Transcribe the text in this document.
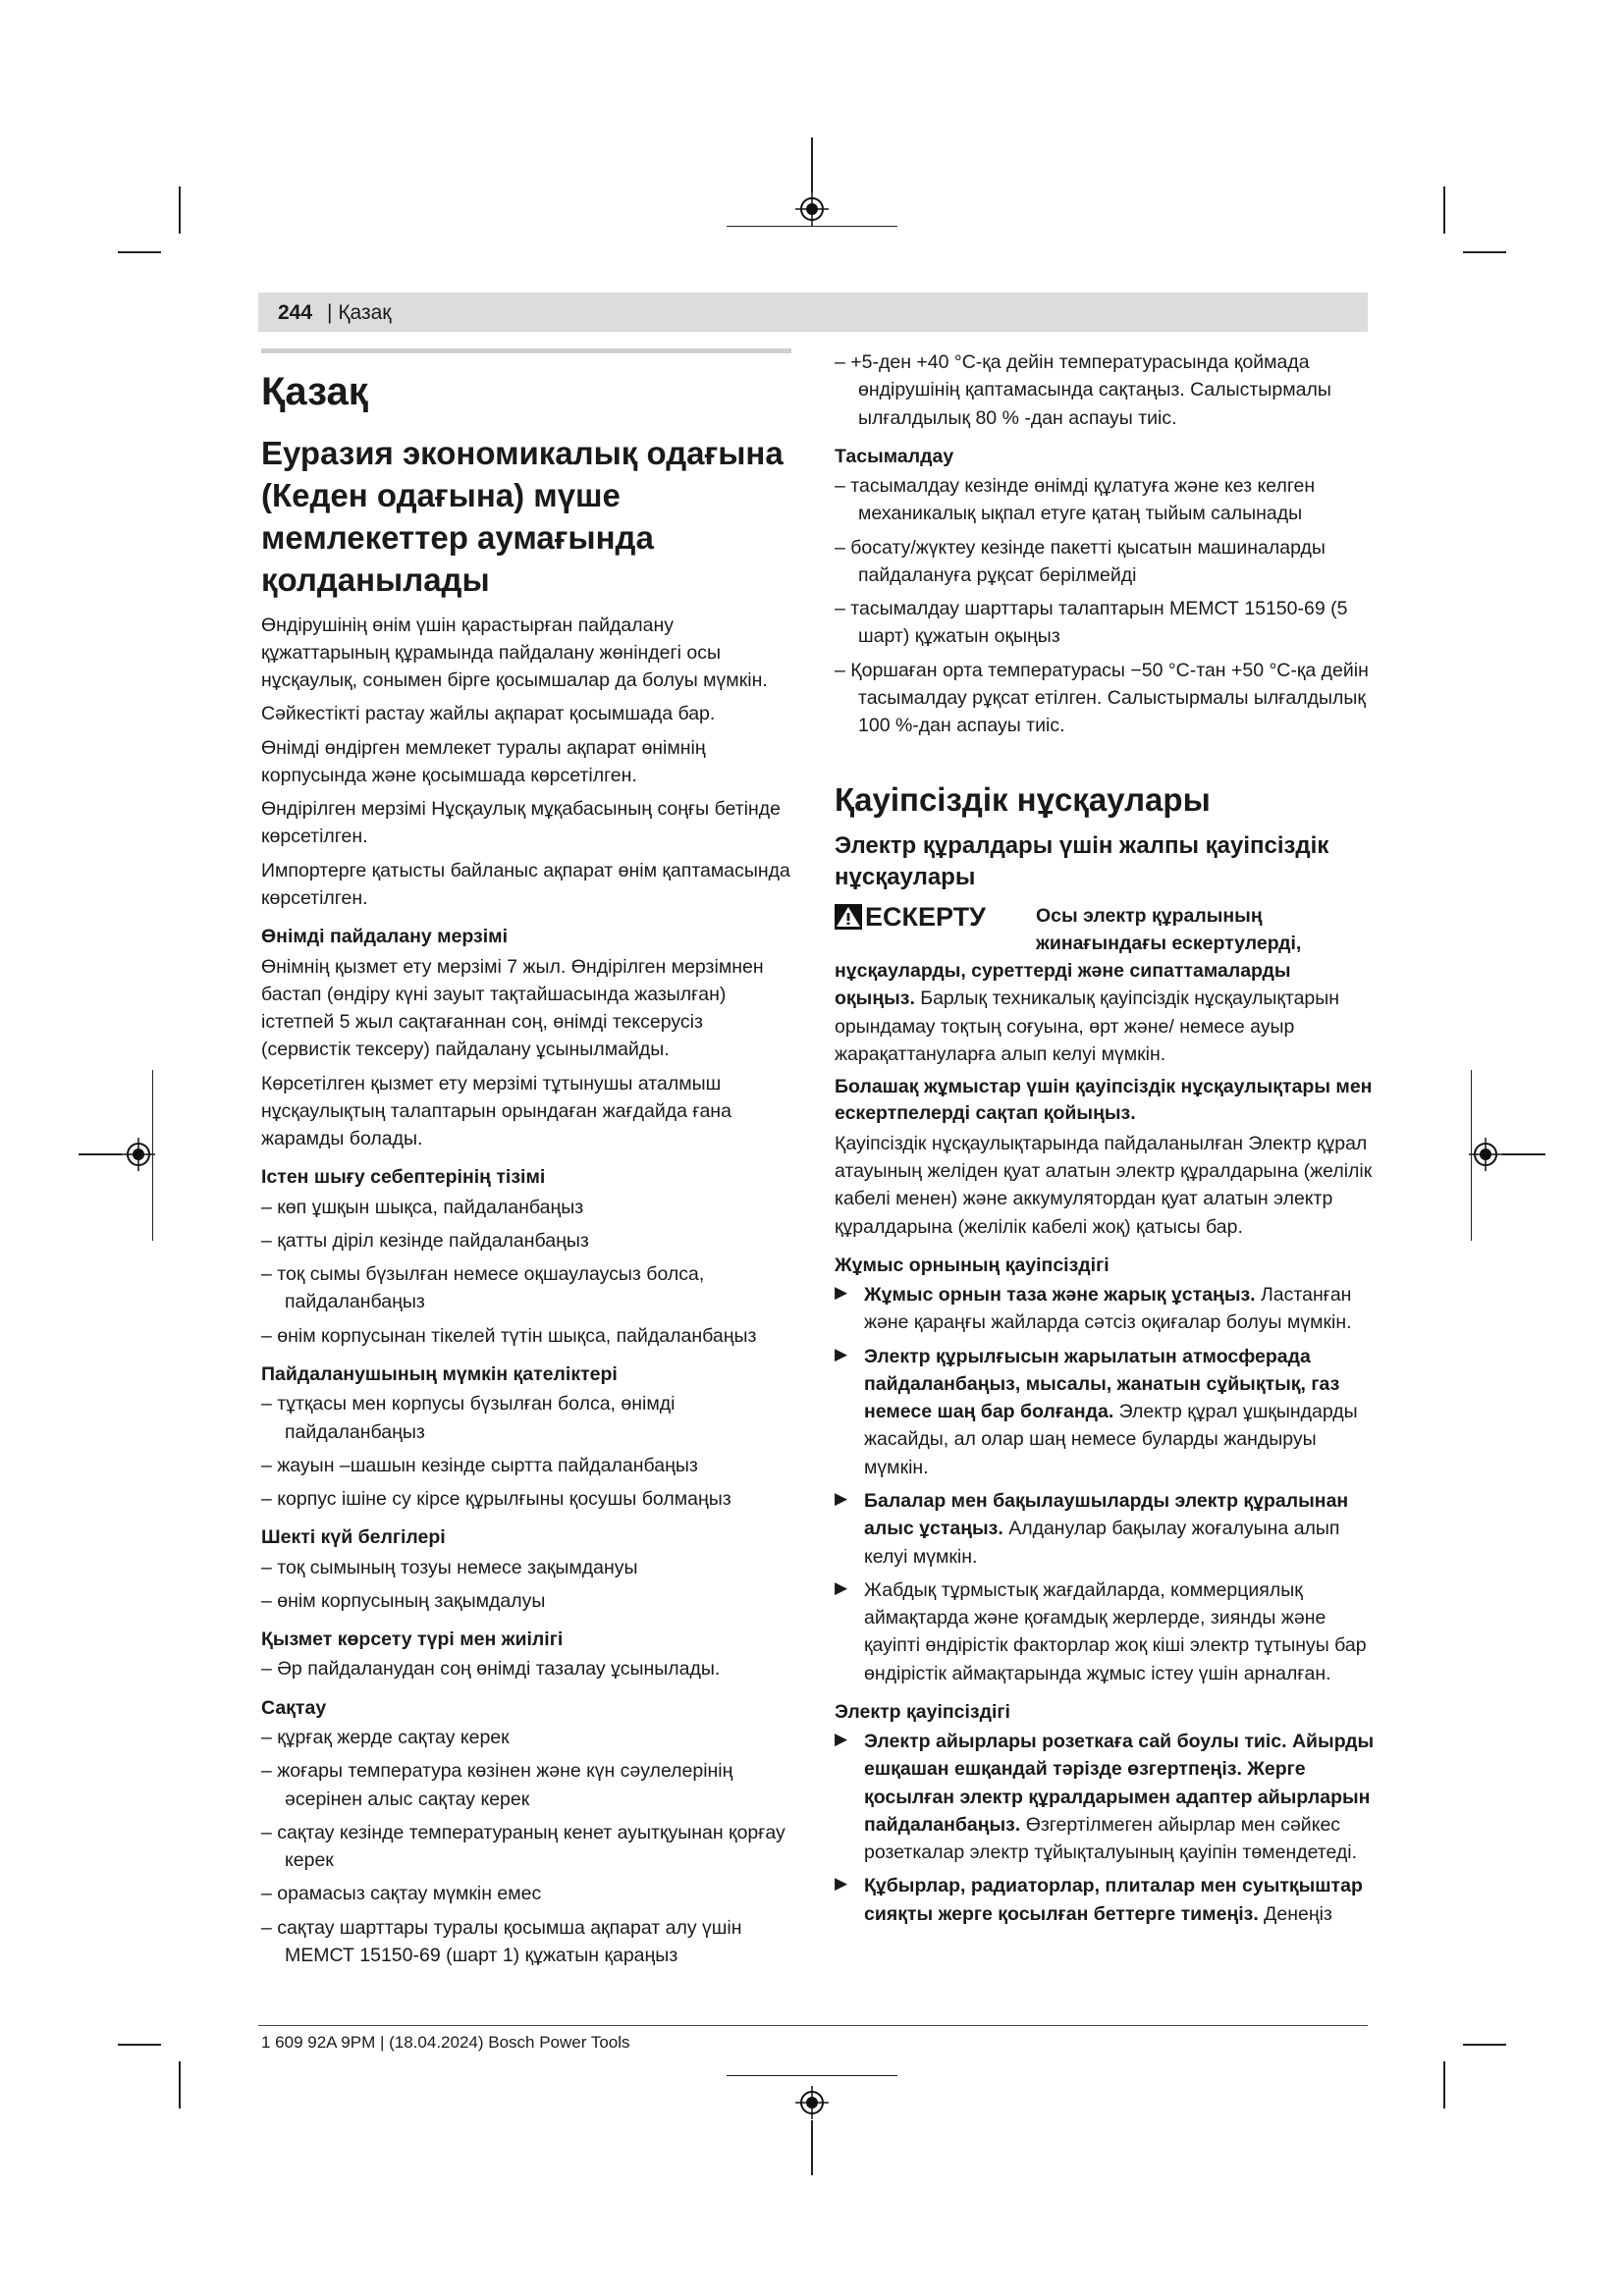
244 | Қазақ
Қазақ
Еуразия экономикалық одағына (Кеден одағына) мүше мемлекеттер аумағында қолданылады

Өндірушінің өнім үшін қарастырған пайдалану құжаттарының құрамында пайдалану жөніндегі осы нұсқаулық, сонымен бірге қосымшалар да болуы мүмкін.

Сәйкестікті растау жайлы ақпарат қосымшада бар.

Өнімді өндірген мемлекет туралы ақпарат өнімнің корпусында және қосымшада көрсетілген.

Өндірілген мерзімі Нұсқаулық мұқабасының соңғы бетінде көрсетілген.

Импортерге қатысты байланыс ақпарат өнім қаптамасында көрсетілген.

Өнімді пайдалану мерзімі

Өнімнің қызмет ету мерзімі 7 жыл. Өндірілген мерзімнен бастап (өндіру күні зауыт тақтайшасында жазылған) істетпей 5 жыл сақтағаннан соң, өнімді тексерусіз (сервистік тексеру) пайдалану ұсынылмайды.

Көрсетілген қызмет ету мерзімі тұтынушы аталмыш нұсқаулықтың талаптарын орындаған жағдайда ғана жарамды болады.

Істен шығу себептерінің тізімі
– көп ұшқын шықса, пайдаланбаңыз
– қатты діріл кезінде пайдаланбаңыз
– тоқ сымы бүзылған немесе оқшаулаусыз болса, пайдаланбаңыз
– өнім корпусынан тікелей түтін шықса, пайдаланбаңыз
Пайдаланушының мүмкін қателіктері
– тұтқасы мен корпусы бүзылған болса, өнімді пайдаланбаңыз
– жауын –шашын кезінде сыртта пайдаланбаңыз
– корпус ішіне су кірсе құрылғыны қосушы болмаңыз
Шекті күй белгілері
– тоқ сымының тозуы немесе зақымдануы
– өнім корпусының зақымдалуы
Қызмет көрсету түрі мен жиілігі
– Әр пайдаланудан соң өнімді тазалау ұсынылады.
Сақтау
– құрғақ жерде сақтау керек
– жоғары температура көзінен және күн сәулелерінің әсерінен алыс сақтау керек
– сақтау кезінде температураның кенет ауытқуынан қорғау керек
– орамасыз сақтау мүмкін емес
– сақтау шарттары туралы қосымша ақпарат алу үшін МЕМСТ 15150-69 (шарт 1) құжатын қараңыз
– +5-ден +40 °C-қа дейін температурасында қоймада өндірушінің қаптамасында сақтаңыз. Салыстырмалы ылғалдылық 80 % -дан аспауы тиіс.
Тасымалдау
– тасымалдау кезінде өнімді құлатуға және кез келген механикалық ықпал етуге қатаң тыйым салынады
– босату/жүктеу кезінде пакетті қысатын машиналарды пайдалануға рұқсат берілмейді
– тасымалдау шарттары талаптарын МЕМСТ 15150-69 (5 шарт) құжатын оқыңыз
– Қоршаған орта температурасы −50 °C-тан +50 °C-қа дейін тасымалдау рұқсат етілген. Салыстырмалы ылғалдылық 100 %-дан аспауы тиіс.
Қауіпсіздік нұсқаулары
Электр құралдары үшін жалпы қауіпсіздік нұсқаулары
ЕСКЕРТУ	Осы электр құралының жинағындағы ескертулерді,

нұсқауларды, суреттерді және сипаттамаларды оқыңыз. Барлық техникалық қауіпсіздік нұсқаулықтарын орындамау тоқтың соғуына, өрт және/ немесе ауыр жарақаттануларға алып келуі мүмкін.

Болашақ жұмыстар үшін қауіпсіздік нұсқаулықтары мен ескертпелерді сақтап қойыңыз.

Қауіпсіздік нұсқаулықтарында пайдаланылған Электр құрал атауының желіден қуат алатын электр құралдарына (желілік кабелі менен) және аккумулятордан қуат алатын электр құралдарына (желілік кабелі жоқ) қатысы бар.

Жұмыс орнының қауіпсіздігі
▶ Жұмыс орнын таза және жарық ұстаңыз. Ластанған және қараңғы жайларда сәтсіз оқиғалар болуы мүмкін.
▶ Электр құрылғысын жарылатын атмосферада пайдаланбаңыз, мысалы, жанатын сұйықтық, газ немесе шаң бар болғанда. Электр құрал ұшқындарды жасайды, ал олар шаң немесе буларды жандыруы мүмкін.
▶ Балалар мен бақылаушыларды электр құралынан алыс ұстаңыз. Алданулар бақылау жоғалуына алып келуі мүмкін.
▶ Жабдық тұрмыстық жағдайларда, коммерциялық аймақтарда және қоғамдық жерлерде, зиянды және қауіпті өндірістік факторлар жоқ кіші электр тұтынуы бар өндірістік аймақтарында жұмыс істеу үшін арналған.
Электр қауіпсіздігі
▶ Электр айырлары розеткаға сай боулы тиіс. Айырды ешқашан ешқандай тәрізде өзгертпеңіз. Жерге қосылған электр құралдарымен адаптер айырларын пайдаланбаңыз. Өзгертілмеген айырлар мен сәйкес розеткалар электр тұйықталуының қауіпін төмендетеді.
▶ Құбырлар, радиаторлар, плиталар мен суытқыштар сияқты жерге қосылған беттерге тимеңіз. Денеңіз
1 609 92A 9PM | (18.04.2024) Bosch Power Tools
